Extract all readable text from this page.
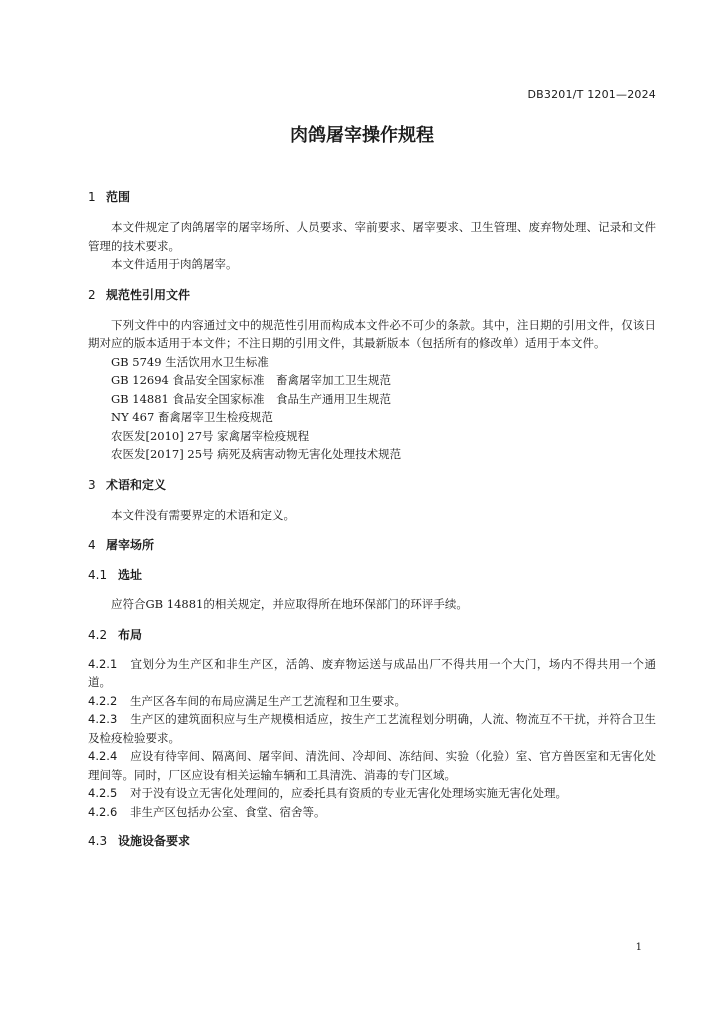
DB3201/T 1201—2024
肉鸽屠宰操作规程
1 范围

本文件规定了肉鸽屠宰的屠宰场所、人员要求、宰前要求、屠宰要求、卫生管理、废弃物处理、记录和文件管理的技术要求。

本文件适用于肉鸽屠宰。

2 规范性引用文件

下列文件中的内容通过文中的规范性引用而构成本文件必不可少的条款。其中，注日期的引用文件，仅该日期对应的版本适用于本文件；不注日期的引用文件，其最新版本（包括所有的修改单）适用于本文件。

GB 5749 生活饮用水卫生标准

GB 12694 食品安全国家标准　畜禽屠宰加工卫生规范

GB 14881 食品安全国家标准　食品生产通用卫生规范

NY 467 畜禽屠宰卫生检疫规范

农医发[2010] 27号 家禽屠宰检疫规程

农医发[2017] 25号 病死及病害动物无害化处理技术规范

3 术语和定义

本文件没有需要界定的术语和定义。

4 屠宰场所
4.1 选址

应符合GB 14881的相关规定，并应取得所在地环保部门的环评手续。

4.2 布局

4.2.1 宜划分为生产区和非生产区，活鸽、废弃物运送与成品出厂不得共用一个大门，场内不得共用一个通道。

4.2.2 生产区各车间的布局应满足生产工艺流程和卫生要求。

4.2.3 生产区的建筑面积应与生产规模相适应，按生产工艺流程划分明确，人流、物流互不干扰，并符合卫生及检疫检验要求。

4.2.4 应设有待宰间、隔离间、屠宰间、清洗间、冷却间、冻结间、实验（化验）室、官方兽医室和无害化处理间等。同时，厂区应设有相关运输车辆和工具清洗、消毒的专门区域。

4.2.5 对于没有设立无害化处理间的，应委托具有资质的专业无害化处理场实施无害化处理。

4.2.6 非生产区包括办公室、食堂、宿舍等。

4.3 设施设备要求
1
